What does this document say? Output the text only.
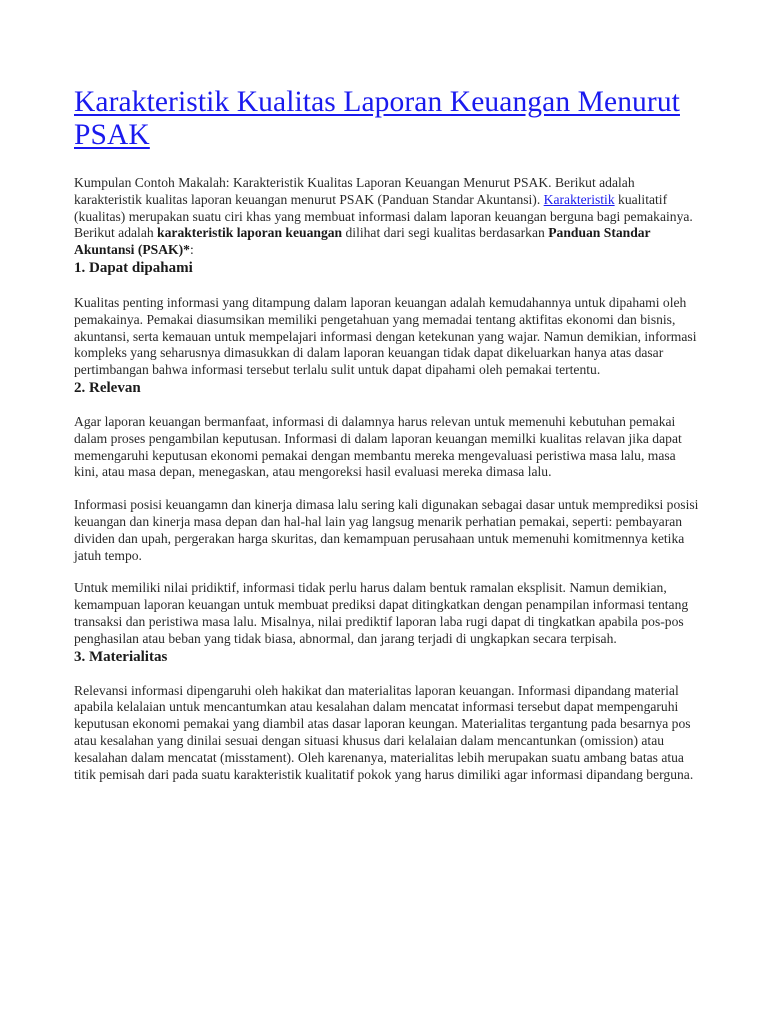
Karakteristik Kualitas Laporan Keuangan Menurut PSAK

Kumpulan Contoh Makalah: Karakteristik Kualitas Laporan Keuangan Menurut PSAK. Berikut adalah karakteristik kualitas laporan keuangan menurut PSAK (Panduan Standar Akuntansi). Karakteristik kualitatif (kualitas) merupakan suatu ciri khas yang membuat informasi dalam laporan keuangan berguna bagi pemakainya. Berikut adalah karakteristik laporan keuangan dilihat dari segi kualitas berdasarkan Panduan Standar Akuntansi (PSAK)*:

1. Dapat dipahami

Kualitas penting informasi yang ditampung dalam laporan keuangan adalah kemudahannya untuk dipahami oleh pemakainya. Pemakai diasumsikan memiliki pengetahuan yang memadai tentang aktifitas ekonomi dan bisnis, akuntansi, serta kemauan untuk mempelajari informasi dengan ketekunan yang wajar. Namun demikian, informasi kompleks yang seharusnya dimasukkan di dalam laporan keuangan tidak dapat dikeluarkan hanya atas dasar pertimbangan bahwa informasi tersebut terlalu sulit untuk dapat dipahami oleh pemakai tertentu.

2. Relevan

Agar laporan keuangan bermanfaat, informasi di dalamnya harus relevan untuk memenuhi kebutuhan pemakai dalam proses pengambilan keputusan. Informasi di dalam laporan keuangan memilki kualitas relavan jika dapat memengaruhi keputusan ekonomi pemakai dengan membantu mereka mengevaluasi peristiwa masa lalu, masa kini, atau masa depan, menegaskan, atau mengoreksi hasil evaluasi mereka dimasa lalu.

Informasi posisi keuangamn dan kinerja dimasa lalu sering kali digunakan sebagai dasar untuk memprediksi posisi keuangan dan kinerja masa depan dan hal-hal lain yag langsug menarik perhatian pemakai, seperti: pembayaran dividen dan upah, pergerakan harga skuritas, dan kemampuan perusahaan untuk memenuhi komitmennya ketika jatuh tempo.

Untuk memiliki nilai pridiktif, informasi tidak perlu harus dalam bentuk ramalan eksplisit. Namun demikian, kemampuan laporan keuangan untuk membuat prediksi dapat ditingkatkan dengan penampilan informasi tentang transaksi dan peristiwa masa lalu. Misalnya, nilai prediktif laporan laba rugi dapat di tingkatkan apabila pos-pos penghasilan atau beban yang tidak biasa, abnormal, dan jarang terjadi di ungkapkan secara terpisah.

3. Materialitas

Relevansi informasi dipengaruhi oleh hakikat dan materialitas laporan keuangan. Informasi dipandang material apabila kelalaian untuk mencantumkan atau kesalahan dalam mencatat informasi tersebut dapat mempengaruhi keputusan ekonomi pemakai yang diambil atas dasar laporan keungan. Materialitas tergantung pada besarnya pos atau kesalahan yang dinilai sesuai dengan situasi khusus dari kelalaian dalam mencantunkan (omission) atau kesalahan dalam mencatat (misstament). Oleh karenanya, materialitas lebih merupakan suatu ambang batas atua titik pemisah dari pada suatu karakteristik kualitatif pokok yang harus dimiliki agar informasi dipandang berguna.
